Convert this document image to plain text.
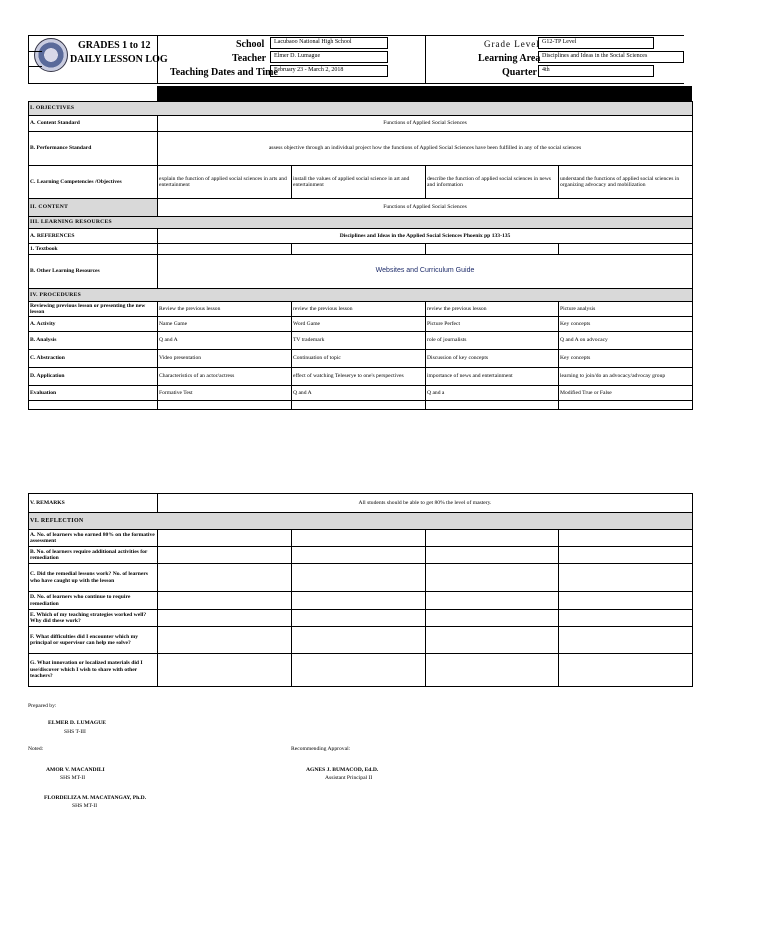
GRADES 1 to 12
DAILY LESSON LOG
School	Lacubaoo National High School
Teacher	Elmer D. Lumague
Teaching Dates and Time
February 23 - March 2, 2018
Grade Level G12-TP Level
Learning Area Disciplines and Ideas in the Social Sciences
Quarter 4th
I. OBJECTIVES				
A. Content Standard	Functions of Applied Social Sciences			
B. Performance Standard	assess objective through an individual project how the functions of Applied Social Sciences have been fulfilled in any of the social sciences			
C. Learning Competencies /Objectives	explain the function of applied social sciences in arts and entertainment	install the values of applied social science in art and entertainment	describe the function of applied social sciences in news and information	understand the functions of applied social sciences in organizing advocacy and mobilization
II. CONTENT	Functions of Applied Social Sciences			
III. LEARNING RESOURCES				
A. REFERENCES	Disciplines and Ideas in the Applied Social Sciences Phoenix pp 133-135			
1. Textbook				
B. Other Learning Resources	Websites and Curriculum Guide			
IV. PROCEDURES				
Reviewing previous lesson or presenting the new lesson	Review the previous lesson	review the previous lesson	review the previous lesson	Picture analysis
A. Activity	Name Game	Word Game	Picture Perfect	Key concepts
B. Analysis	Q and A	TV trademark	role of journalists	Q and A on advocacy
C. Abstraction	Video presentation	Continuation of topic	Discussion of key concepts	Key concepts
D. Application	Characteristics of an actor/actress	effect of watching Teleserye to one's perspectives	importance of news and entertainment	learning to join/do an advocacy/advocay group
Evaluation	Formative Test	Q and A	Q and a	Modified True or False

V. REMARKS	All students should be able to get 80% the level of mastery.			
VI. REFLECTION				
A. No. of learners who earned 80% on the formative assessment				
B. No. of learners require additional activities for remediation				
C. Did the remedial lessons work? No. of learners who have caught up with the lesson				
D. No. of learners who continue to require remediation				
E. Which of my teaching strategies worked well? Why did these work?				
F. What difficulties did I encounter which my principal or supervisor can help me solve?				
G. What innovation or localized materials did I use/discover which I wish to share with other teachers?				
Prepared by:
ELMER D. LUMAGUE
SHS T-III
Noted:
AMOR V. MACANDILI
SHS MT-II
Recommending Approval:
AGNES J. BUMACOD, Ed.D.
Assistant Principal II
FLORDELIZA M. MACATANGAY, Ph.D.
SHS MT-II
